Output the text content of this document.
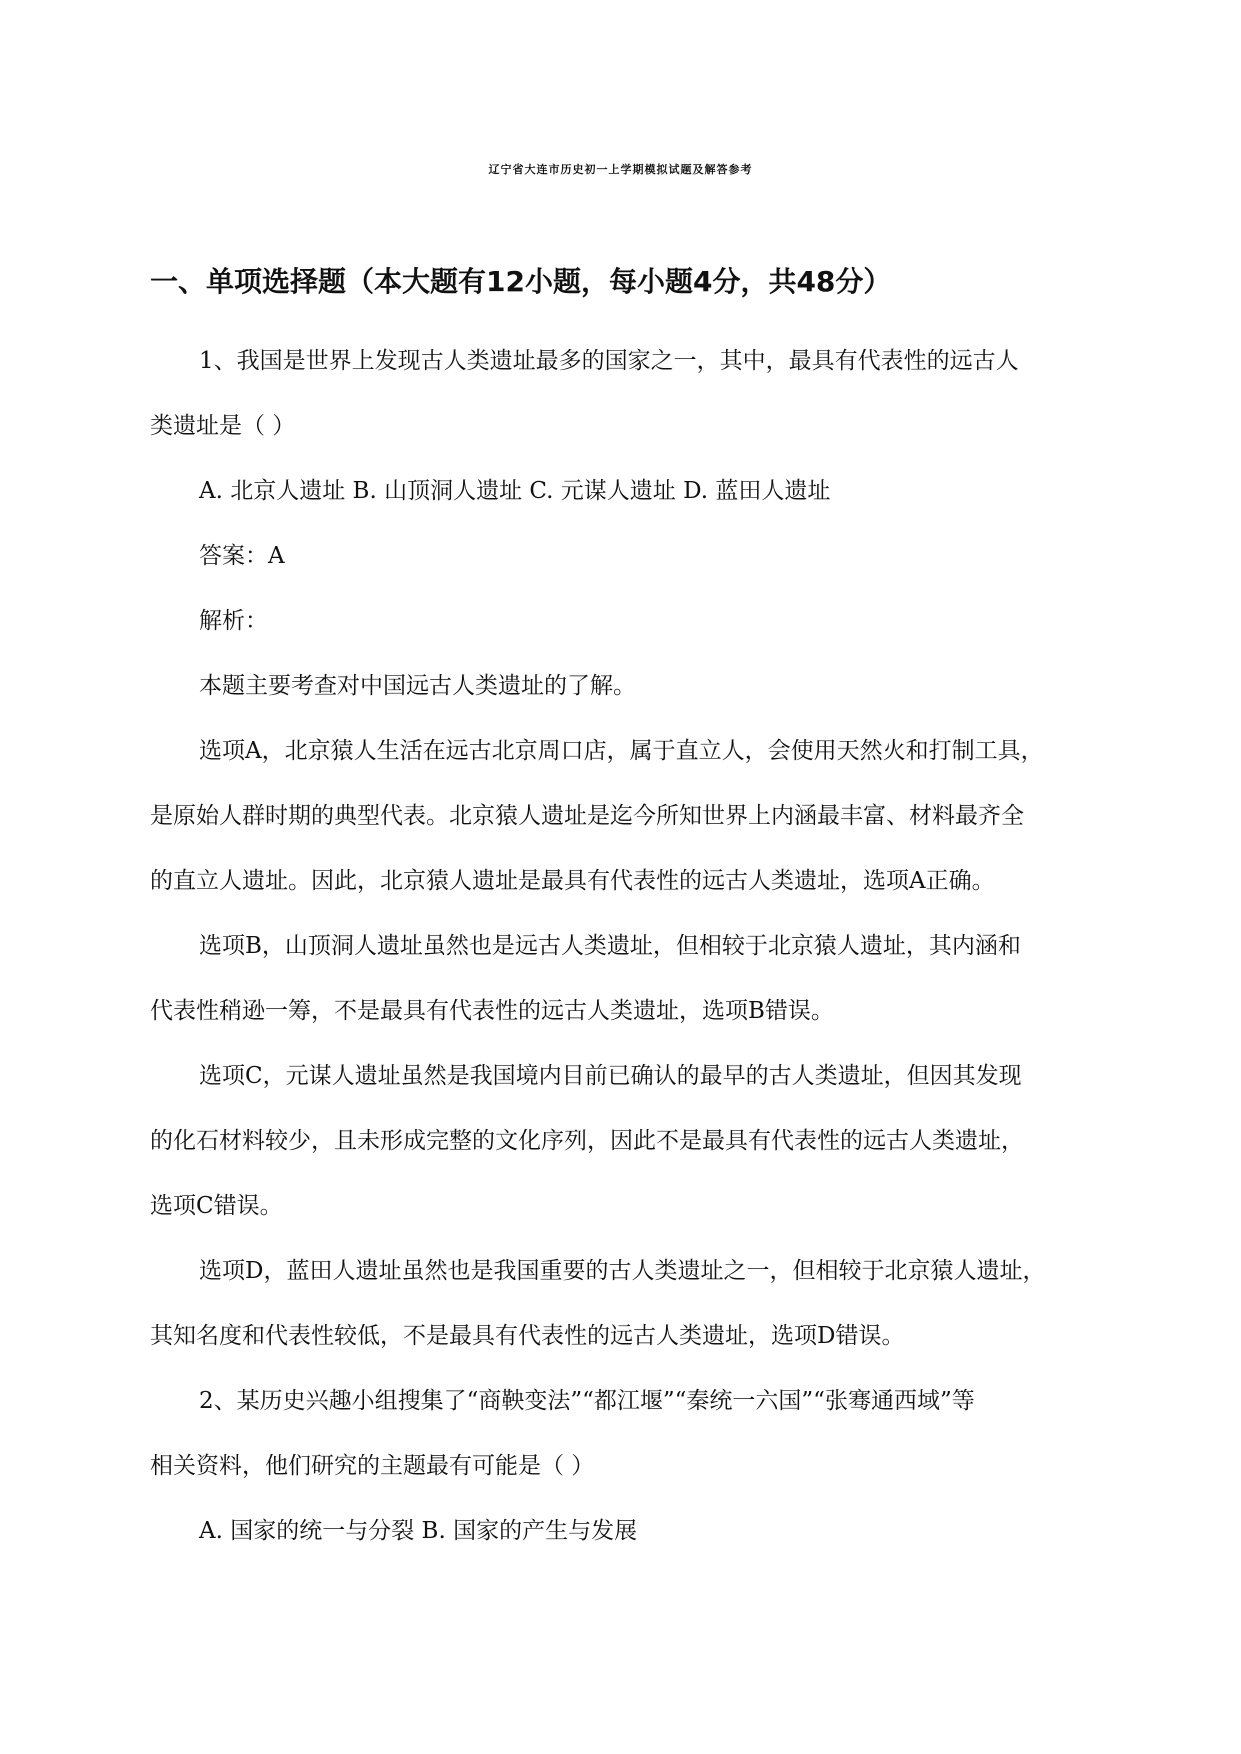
辽宁省大连市历史初一上学期模拟试题及解答参考
一、单项选择题（本大题有12小题，每小题4分，共48分）

1、我国是世界上发现古人类遗址最多的国家之一，其中，最具有代表性的远古人

类遗址是（ ）

A. 北京人遗址 B. 山顶洞人遗址 C. 元谋人遗址 D. 蓝田人遗址

答案：A

解析：

本题主要考查对中国远古人类遗址的了解。

选项A，北京猿人生活在远古北京周口店，属于直立人，会使用天然火和打制工具，

是原始人群时期的典型代表。北京猿人遗址是迄今所知世界上内涵最丰富、材料最齐全

的直立人遗址。因此，北京猿人遗址是最具有代表性的远古人类遗址，选项A正确。

选项B，山顶洞人遗址虽然也是远古人类遗址，但相较于北京猿人遗址，其内涵和

代表性稍逊一筹，不是最具有代表性的远古人类遗址，选项B错误。

选项C，元谋人遗址虽然是我国境内目前已确认的最早的古人类遗址，但因其发现

的化石材料较少，且未形成完整的文化序列，因此不是最具有代表性的远古人类遗址，

选项C错误。

选项D，蓝田人遗址虽然也是我国重要的古人类遗址之一，但相较于北京猿人遗址，

其知名度和代表性较低，不是最具有代表性的远古人类遗址，选项D错误。

2、某历史兴趣小组搜集了“商鞅变法”“都江堰”“秦统一六国”“张骞通西域”等

相关资料，他们研究的主题最有可能是（ ）

A. 国家的统一与分裂 B. 国家的产生与发展
